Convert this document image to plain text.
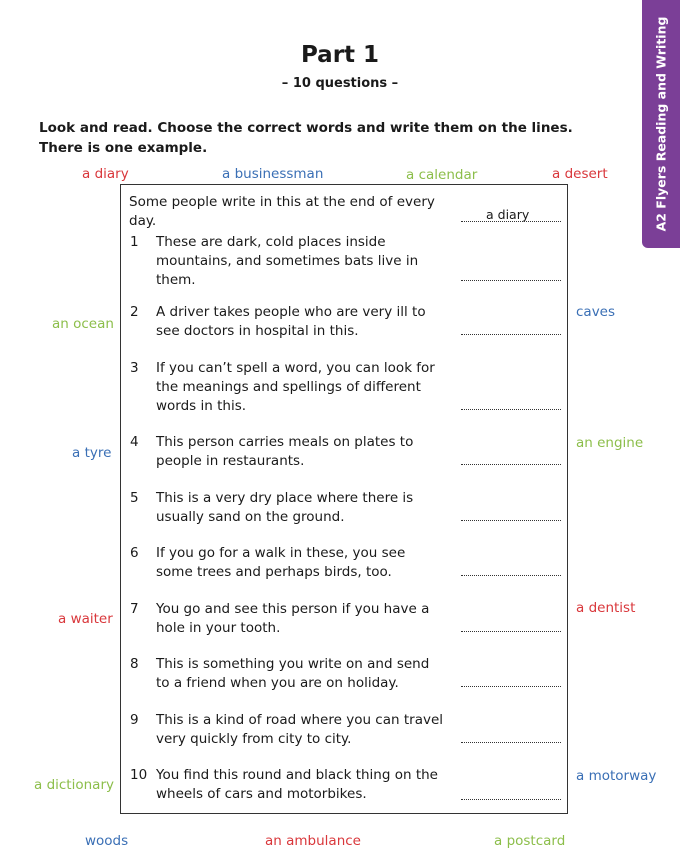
A2 Flyers Reading and Writing
Part 1
– 10 questions –
Look and read. Choose the correct words and write them on the lines.
There is one example.
a diary	a businessman	a calendar	a desert
an ocean
caves
a tyre
an engine
a waiter
a dentist
a dictionary
a motorway
woods	an ambulance	a postcard
Some people write in this at the end of every day.	a diary
1 These are dark, cold places inside mountains, and sometimes bats live in them.
2 A driver takes people who are very ill to see doctors in hospital in this.
3 If you can’t spell a word, you can look for the meanings and spellings of different words in this.
4 This person carries meals on plates to people in restaurants.
5 This is a very dry place where there is usually sand on the ground.
6 If you go for a walk in these, you see some trees and perhaps birds, too.
7 You go and see this person if you have a hole in your tooth.
8 This is something you write on and send to a friend when you are on holiday.
9 This is a kind of road where you can travel very quickly from city to city.
10 You find this round and black thing on the wheels of cars and motorbikes.
